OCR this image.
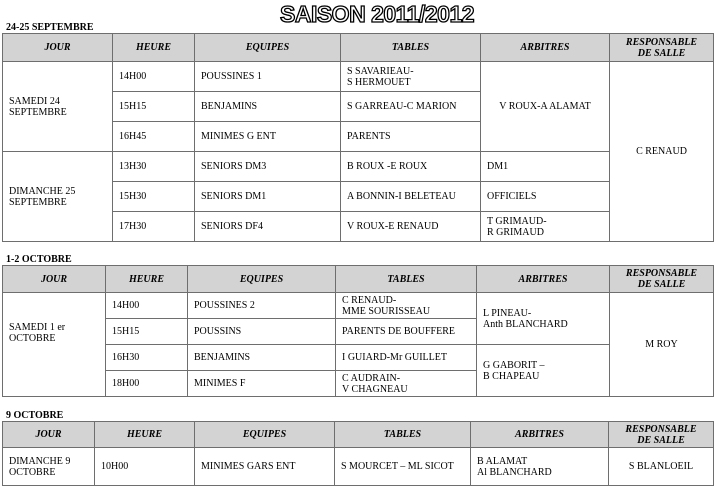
SAISON 2011/2012
24-25 SEPTEMBRE
JOUR	HEURE	EQUIPES	TABLES	ARBITRES	RESPONSABLE
DE SALLE
SAMEDI 24
SEPTEMBRE	14H00	POUSSINES 1	S SAVARIEAU-
S HERMOUET	V ROUX-A ALAMAT	C RENAUD
	15H15	BENJAMINS	S GARREAU-C MARION		
	16H45	MINIMES G ENT	PARENTS		
DIMANCHE 25
SEPTEMBRE	13H30	SENIORS DM3	B ROUX -E ROUX	DM1	
	15H30	SENIORS DM1	A BONNIN-I BELETEAU	OFFICIELS	
	17H30	SENIORS DF4	V ROUX-E RENAUD	T GRIMAUD-
R GRIMAUD	
1-2 OCTOBRE
JOUR	HEURE	EQUIPES	TABLES	ARBITRES	RESPONSABLE
DE SALLE
SAMEDI 1 er
OCTOBRE	14H00	POUSSINES 2	C RENAUD-
MME SOURISSEAU	L PINEAU-
Anth BLANCHARD	M ROY
	15H15	POUSSINS	PARENTS DE BOUFFERE		
	16H30	BENJAMINS	I GUIARD-Mr GUILLET	G GABORIT –
B CHAPEAU	
	18H00	MINIMES F	C AUDRAIN-
V CHAGNEAU		
9 OCTOBRE
JOUR	HEURE	EQUIPES	TABLES	ARBITRES	RESPONSABLE
DE SALLE
DIMANCHE 9
OCTOBRE	10H00	MINIMES GARS ENT	S MOURCET – ML SICOT	B ALAMAT
Al BLANCHARD	S BLANLOEIL
